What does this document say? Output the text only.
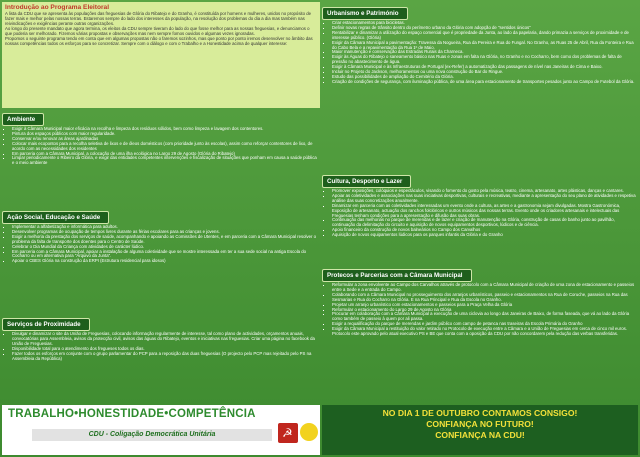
Introdução ao Programa Eleitoral

A lista da CDU que se apresenta às populações das freguesias de Glória do Ribatejo e do Granho, é constituída por homens e mulheres, unidos no propósito de fazer mais e melhor pelas nossas terras. Estaremos sempre do lado dos interesses da população, na resolução dos problemas do dia a dia mas também nas reivindicações e exigências perante outras organizações.

Ao longo do presente mandato que agora termina, os eleitos da CDU sempre tiveram do lado do que fosse melhor para as nossas freguesias, e denunciamos o que poderia ser melhorado. Fizemos várias propostas e observações mas nem sempre fomos ouvidos e algumas vezes ignoradas.

Propomos o seguinte programa tendo em conta que em algumas propostas não o faremos sozinhos, mas que ponto por ponto iremos desenvolver no âmbito das nossas competências todos os esforços para se concretizar. Sempre com o diálogo e com o Trabalho e a Honestidade acima de qualquer interesse:

Ambiente
▪ Exigir à Câmara Municipal maior eficácia na recolha e limpeza dos resíduos sólidos, bem como limpeza e lavagem dos contentores.
▪ Pintura dos espaços públicos com maior regularidade.
▪ Conservar e/ou renovar as áreas ajardinadas
▪ Colocar mais ecopontos para a recolha seletiva de lixos e de óleos domésticos (com prioridade junto às escolas), assim como reforçar contentores de lixo, de acordo com as necessidades dos residentes
▪ Em parceria com a Câmara Municipal, a colocação de uma ilha ecológica no Largo 29 de Agosto (Glória do Ribatejo)
▪ Limpar periodicamente o Ribeiro da Glória, e exigir das entidades competentes intervenções e fiscalização de situações que ponham em causa a saúde pública e o meio ambiente
Ação Social, Educação e Saúde
▪ Implementar a alfabetização e informática para adultos.
▪ Desenvolver programas de ocupação de tempos livres durante as férias escolares para as crianças e jovens.
▪ Exigir a melhoria da prestação dos serviços de saúde, acompanhando e apoiando as Comissões de Utentes, e em parceria com a Câmara Municipal resolver o problema da falta de transporte dos doentes para o Centro de Saúde.
▪ Celebrar o Dia Mundial da Criança com atividades de carácter lúdico.
▪ Em parceria com a Câmara Municipal, apoiar a instalação de alguma coletividade que se mostre interessada em ter a sua sede social na antiga Escola do Cocharro ou em alternativa para "Arquivo da Junta".
▪ Apoiar o CBES Glória na construção da ERPI (Estrutura residencial para idosos)
Serviços de Proximidade
▪ Divulgar e dinamizar o site da União de Freguesias, colocando informação regularmente de interesse, tal como plano de actividades, orçamentos anuais, convocatórias para Assembleia, avisos da protecção civil, avisos das águas do Ribatejo, eventos e iniciativas nas freguesias. Criar uma página no facebook da União de Freguesias.
▪ Disponibilidade total para o atendimento dos fregueses todos os dias.
▪ Fazer todos os esforços em conjunte com o grupo parlamentar do PCP para a reposição das duas freguesias (O projecto pelo PCP mas rejeitado pelo PS na Assembleia da República)
Urbanismo e Património
▪ Criar estacionamentos para bicicletas.
▪ Definir novas regras de trânsito dentro do perímetro urbano da Glória com adopção de "sentidos únicos"
▪ Rentabilizar e dinamizar a utilização do espaço comercial que é propriedade da Junta, ao lado da papelaria, dando primazia a serviços de proximidade e de interesse público. (Glória)
▪ Exigir da Câmara Municipal a pavimentação: Travessa da Nogueira, Rua da Pereira e Rua do Fungal. No Granho, as Ruas 25 de Abril, Rua da Fonteira e Rua do Cabo Bela e a repavimentação da Rua 1º de Maio.
▪ Maior manutenção e conservação das Estradas Rurais da Charneca.
▪ Exigir às Águas do Ribatejo o saneamento básico nas Ruas e zonas em falta na Glória, no Granho e no Cocharro, bem como dos problemas de falta de pressão no abastecimento de água.
▪ Exigir à Câmara Municipal e às Infraestruturas de Portugal (ex-Refer) a automatização das passagens de nível nas Janeiras de Cima e Baixo.
▪ Incluir no Projeto do Jackson, melhoramentos ou uma nova construção do Bar do Ringue.
▪ Estudo das possibilidades de ampliação do Cemitério da Glória.
▪ Criação de condições de segurança, com iluminação pública, de uma área para estacionamento de transportes pesados junto ao Campo de Futebol da Glória.
Cultura, Desporto e Lazer
▪ Promover exposições, colóquios e espectáculos, visando o fomento do gosto pela música, teatro, cinema, artesanato, artes plásticas, danças e cantares.
▪ Apoiar as coletividades e associações nas suas iniciativas desportivas, culturais e recreativas, mediante a apresentação do seu plano de atividades e respetiva análise das suas concretizações anualmente.
▪ Dinamizar em parceria com as coletividades interessadas um evento onde a cultura, as artes e a gastronomia sejam divulgadas. Mostra Gastronómica, Exposição de artesanato, actuação dos ranchos folclóricos e outros músicos das nossas terras. Evento onde os criadores artesanais e intelectuais das Freguesias tenham condições para a apresentação e difusão das suas obras.
▪ Continuação das melhorias no parque de merendas e de lazer e criação de manutenção na Glória, construção de casas de banho junto ao pavilhão, continuação da delimitação do circuito e aquisição de novos equipamentos desportivos, lúdicos e de ciência.
▪ Apoio financeiro da construção de novos balneários no Campo dos Carvalhos
▪ Aquisição de novos equipamentos lúdicos para os parques infantis da Glória e do Granho
Protecos e Parcerias com a Câmara Municipal
▪ Reformular a zona envolvente ao Campo dos Carvalhos através de protocolo com a Câmara Municipal de criação de uma zona de estacionamento e passeios entre a Sede e a entrada do Campo.
▪ Colaborando com a Câmara Municipal no prosseguimento dos arranjos urbanísticos, passeio e estacionamentos na Rua de Coruche, passeios na Rua das Sesmarias e Rua do Cocharro na Glória. E na Rua Principal e Rua da Escola no Granho.
▪ Projetar um arranjo urbanístico com estacionamentos e passeios para a Praça Velha da Glória
▪ Reformular o estacionamento do Largo 29 de Agosto na Glória
▪ Procurar em colaboração com a Câmara Municipal a execução de uma ciclovia ao longo das Janeiras de Baixo, de forma faseada, que vá ao lado da Glória como também de passeio à quem por ali passa.
▪ Exigir a requalificação do parque de merendas e jardim público com campo de petanca nas traseiras da Escola Primária do Granho
▪ Exigir da Câmara Municipal a restituição do valor retirado no Protocolo de execução entre a Câmara e a União de Freguesias em cerca de cinco mil euros. Protocolo este aprovado pelo atual executivo PS e BE que conta com a oposição da CDU por não concordarem pela redução das verbas transferidas.
TRABALHO•HONESTIDADE•COMPETÊNCIA
CDU - Coligação Democrática Unitária	☭
NO DIA 1 DE OUTUBRO CONTAMOS CONSIGO!
CONFIANÇA NO FUTURO!
CONFIANÇA NA CDU!
